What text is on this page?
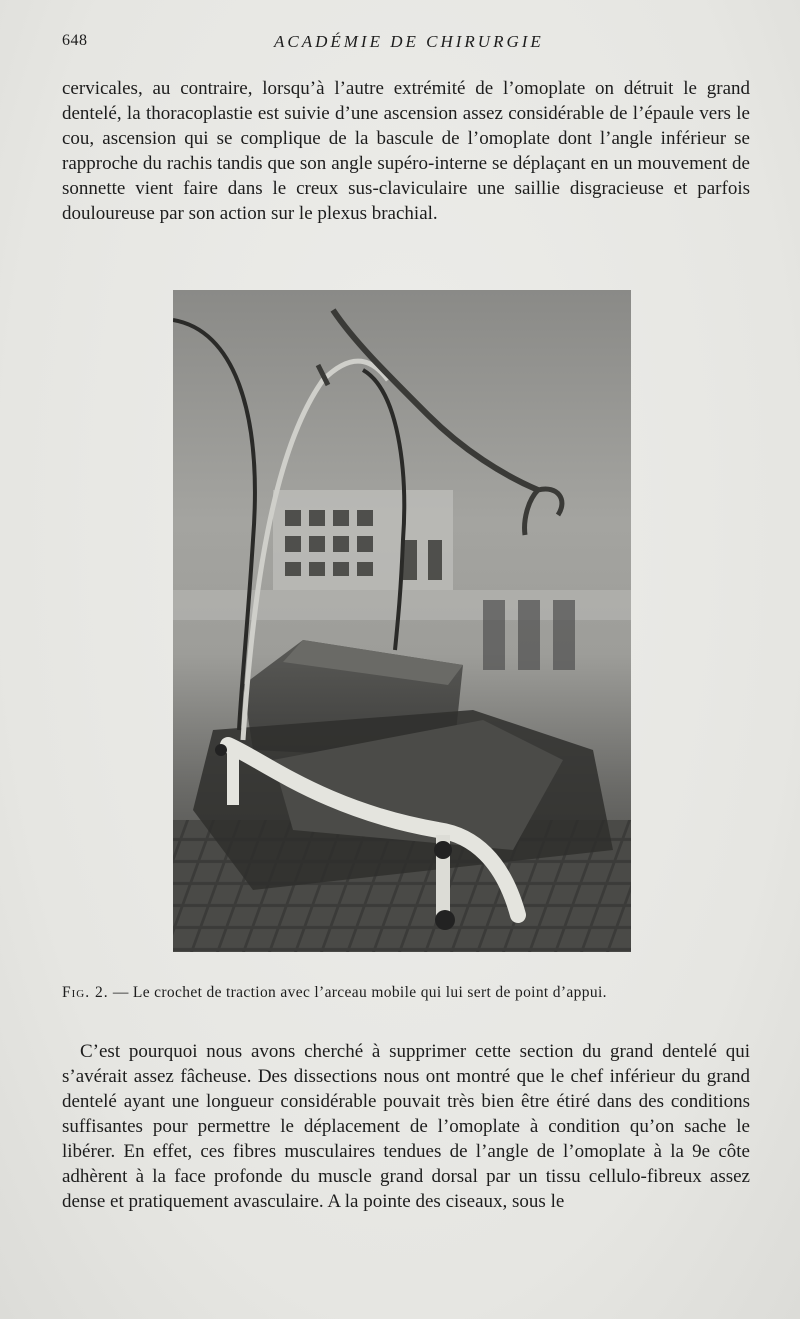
648	ACADÉMIE DE CHIRURGIE

cervicales, au contraire, lorsqu’à l’autre extrémité de l’omoplate on détruit le grand dentelé, la thoracoplastie est suivie d’une ascension assez considérable de l’épaule vers le cou, ascension qui se complique de la bascule de l’omoplate dont l’angle inférieur se rapproche du rachis tandis que son angle supéro-interne se déplaçant en un mouvement de sonnette vient faire dans le creux sus-claviculaire une saillie disgracieuse et parfois douloureuse par son action sur le plexus brachial.

Fig. 2. — Le crochet de traction avec l’arceau mobile qui lui sert de point d’appui.

C’est pourquoi nous avons cherché à supprimer cette section du grand dentelé qui s’avérait assez fâcheuse. Des dissections nous ont montré que le chef inférieur du grand dentelé ayant une longueur considérable pouvait très bien être étiré dans des conditions suffisantes pour permettre le déplacement de l’omoplate à condition qu’on sache le libérer. En effet, ces fibres musculaires tendues de l’angle de l’omoplate à la 9e côte adhèrent à la face profonde du muscle grand dorsal par un tissu cellulo-fibreux assez dense et pratiquement avasculaire. A la pointe des ciseaux, sous le
